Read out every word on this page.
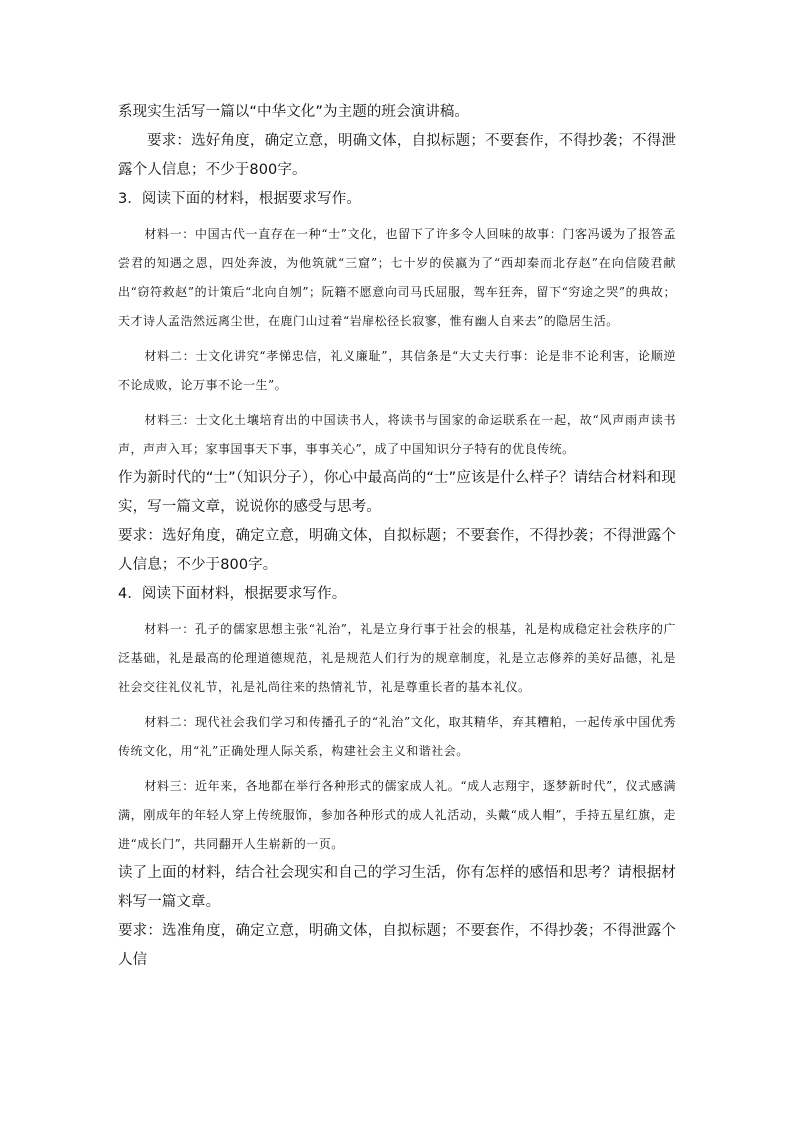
系现实生活写一篇以“中华文化”为主题的班会演讲稿。

要求：选好角度，确定立意，明确文体，自拟标题；不要套作，不得抄袭；不得泄露个人信息；不少于800字。

3．阅读下面的材料，根据要求写作。

材料一：中国古代一直存在一种“士”文化，也留下了许多令人回味的故事：门客冯谖为了报答孟尝君的知遇之恩，四处奔波，为他筑就“三窟”；七十岁的侯嬴为了“西却秦而北存赵”在向信陵君献出“窃符救赵”的计策后“北向自刎”；阮籍不愿意向司马氏屈服，驾车狂奔，留下“穷途之哭”的典故；天才诗人孟浩然远离尘世，在鹿门山过着“岩扉松径长寂寥，惟有幽人自来去”的隐居生活。

材料二：士文化讲究“孝悌忠信，礼义廉耻”，其信条是“大丈夫行事：论是非不论利害，论顺逆不论成败，论万事不论一生”。

材料三：士文化土壤培育出的中国读书人，将读书与国家的命运联系在一起，故“风声雨声读书声，声声入耳；家事国事天下事，事事关心”，成了中国知识分子特有的优良传统。

作为新时代的“士”（知识分子），你心中最高尚的“士”应该是什么样子？请结合材料和现实，写一篇文章，说说你的感受与思考。

要求：选好角度，确定立意，明确文体，自拟标题；不要套作，不得抄袭；不得泄露个人信息；不少于800字。

4．阅读下面材料，根据要求写作。

材料一：孔子的儒家思想主张“礼治”，礼是立身行事于社会的根基，礼是构成稳定社会秩序的广泛基础，礼是最高的伦理道德规范，礼是规范人们行为的规章制度，礼是立志修养的美好品德，礼是社会交往礼仪礼节，礼是礼尚往来的热情礼节，礼是尊重长者的基本礼仪。

材料二：现代社会我们学习和传播孔子的“礼治”文化，取其精华，弃其糟粕，一起传承中国优秀传统文化，用“礼”正确处理人际关系，构建社会主义和谐社会。

材料三：近年来，各地都在举行各种形式的儒家成人礼。“成人志翔宇，逐梦新时代”，仪式感满满，刚成年的年轻人穿上传统服饰，参加各种形式的成人礼活动，头戴“成人帽”，手持五星红旗，走进“成长门”，共同翻开人生崭新的一页。

读了上面的材料，结合社会现实和自己的学习生活，你有怎样的感悟和思考？请根据材料写一篇文章。

要求：选准角度，确定立意，明确文体，自拟标题；不要套作，不得抄袭；不得泄露个人信
